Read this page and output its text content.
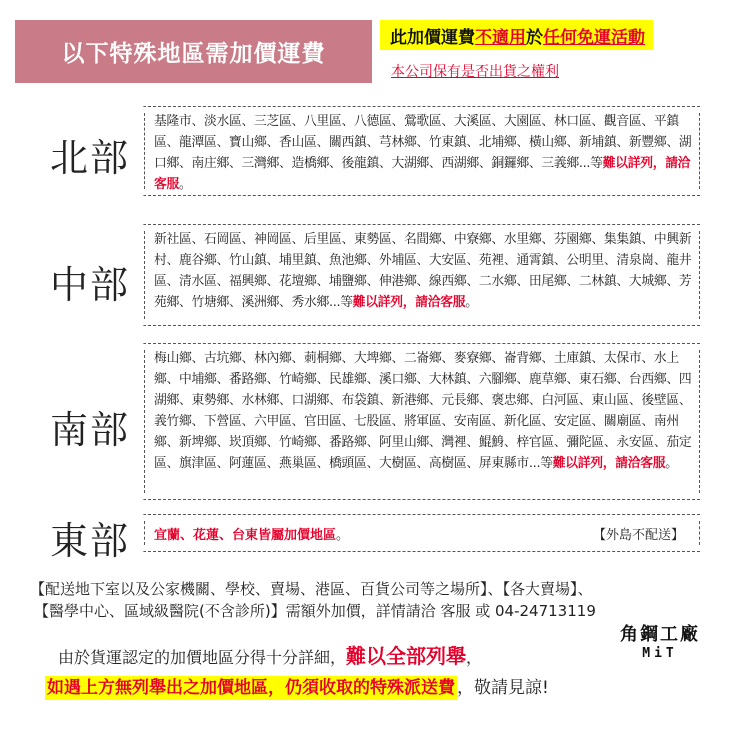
以下特殊地區需加價運費
此加價運費 不適用 於 任何免運活動
本公司保有是否出貨之權利
北部

基隆市、淡水區、三芝區、八里區、八德區、鶯歌區、大溪區、大園區、林口區、觀音區、平鎮區、龍潭區、寶山鄉、香山區、關西鎮、芎林鄉、竹東鎮、北埔鄉、橫山鄉、新埔鎮、新豐鄉、湖口鄉、南庄鄉、三灣鄉、造橋鄉、後龍鎮、大湖鄉、西湖鄉、銅鑼鄉、三義鄉...等難以詳列，請洽客服。

中部

新社區、石岡區、神岡區、后里區、東勢區、名間鄉、中寮鄉、水里鄉、芬園鄉、集集鎮、中興新村、鹿谷鄉、竹山鎮、埔里鎮、魚池鄉、外埔區、大安區、苑裡、通霄鎮、公明里、清泉崗、龍井區、清水區、福興鄉、花壇鄉、埔鹽鄉、伸港鄉、線西鄉、二水鄉、田尾鄉、二林鎮、大城鄉、芳苑鄉、竹塘鄉、溪洲鄉、秀水鄉...等難以詳列，請洽客服。

南部

梅山鄉、古坑鄉、林內鄉、莿桐鄉、大埤鄉、二崙鄉、麥寮鄉、崙背鄉、土庫鎮、太保市、水上鄉、中埔鄉、番路鄉、竹崎鄉、民雄鄉、溪口鄉、大林鎮、六腳鄉、鹿草鄉、東石鄉、台西鄉、四湖鄉、東勢鄉、水林鄉、口湖鄉、布袋鎮、新港鄉、元長鄉、褒忠鄉、白河區、東山區、後壁區、義竹鄉、下營區、六甲區、官田區、七股區、將軍區、安南區、新化區、安定區、關廟區、南州鄉、新埤鄉、崁頂鄉、竹崎鄉、番路鄉、阿里山鄉、灣裡、鯤鯓、梓官區、彌陀區、永安區、茄定區、旗津區、阿蓮區、燕巢區、橋頭區、大樹區、高樹區、屏東縣市...等難以詳列，請洽客服。

東部 宜蘭、花蓮、台東皆屬加價地區。	【外島不配送】
【配送地下室以及公家機關、學校、賣場、港區、百貨公司等之場所】、【各大賣場】、
【醫學中心、區域級醫院(不含診所)】需額外加價，詳情請洽 客服 或 04-24713119
由於貨運認定的加價地區分得十分詳細，難以全部列舉，
如遇上方無列舉出之加價地區，仍須收取的特殊派送費 ，敬請見諒!
角鋼工廠
MiT
